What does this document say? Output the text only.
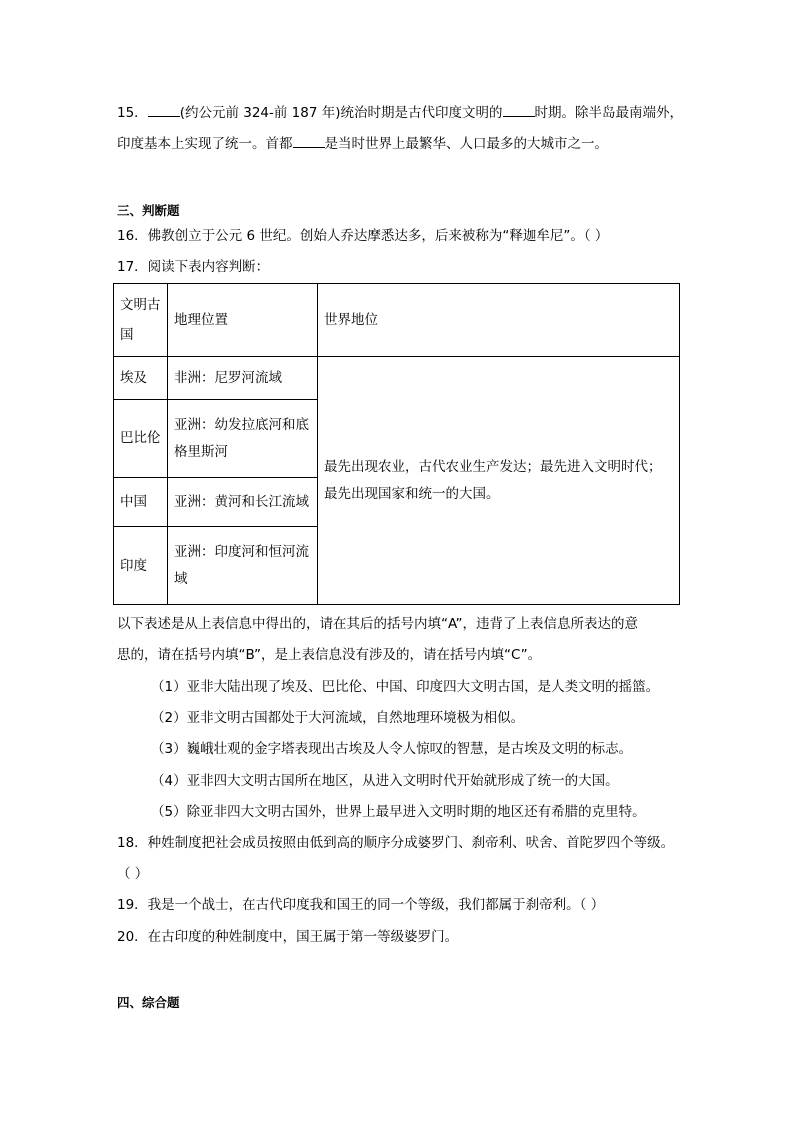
15． (约公元前 324-前 187 年)统治时期是古代印度文明的 时期。除半岛最南端外，
印度基本上实现了统一。首都 是当时世界上最繁华、人口最多的大城市之一。
三、判断题
16．佛教创立于公元 6 世纪。创始人乔达摩悉达多，后来被称为“释迦牟尼”。（ ）
17．阅读下表内容判断：
文明古国	地理位置	世界地位
埃及	非洲：尼罗河流域	最先出现农业，古代农业生产发达；最先进入文明时代；最先出现国家和统一的大国。
巴比伦	亚洲：幼发拉底河和底格里斯河	
中国	亚洲：黄河和长江流域	
印度	亚洲：印度河和恒河流域	
以下表述是从上表信息中得出的，请在其后的括号内填“A”，违背了上表信息所表达的意
思的，请在括号内填“B”，是上表信息没有涉及的，请在括号内填“C”。
（1）亚非大陆出现了埃及、巴比伦、中国、印度四大文明古国，是人类文明的摇篮。
（2）亚非文明古国都处于大河流域，自然地理环境极为相似。
（3）巍峨壮观的金字塔表现出古埃及人令人惊叹的智慧，是古埃及文明的标志。
（4）亚非四大文明古国所在地区，从进入文明时代开始就形成了统一的大国。
（5）除亚非四大文明古国外，世界上最早进入文明时期的地区还有希腊的克里特。
18．种姓制度把社会成员按照由低到高的顺序分成婆罗门、刹帝利、吠舍、首陀罗四个等级。
（ ）
19．我是一个战士，在古代印度我和国王的同一个等级，我们都属于刹帝利。（ ）
20．在古印度的种姓制度中，国王属于第一等级婆罗门。
四、综合题
